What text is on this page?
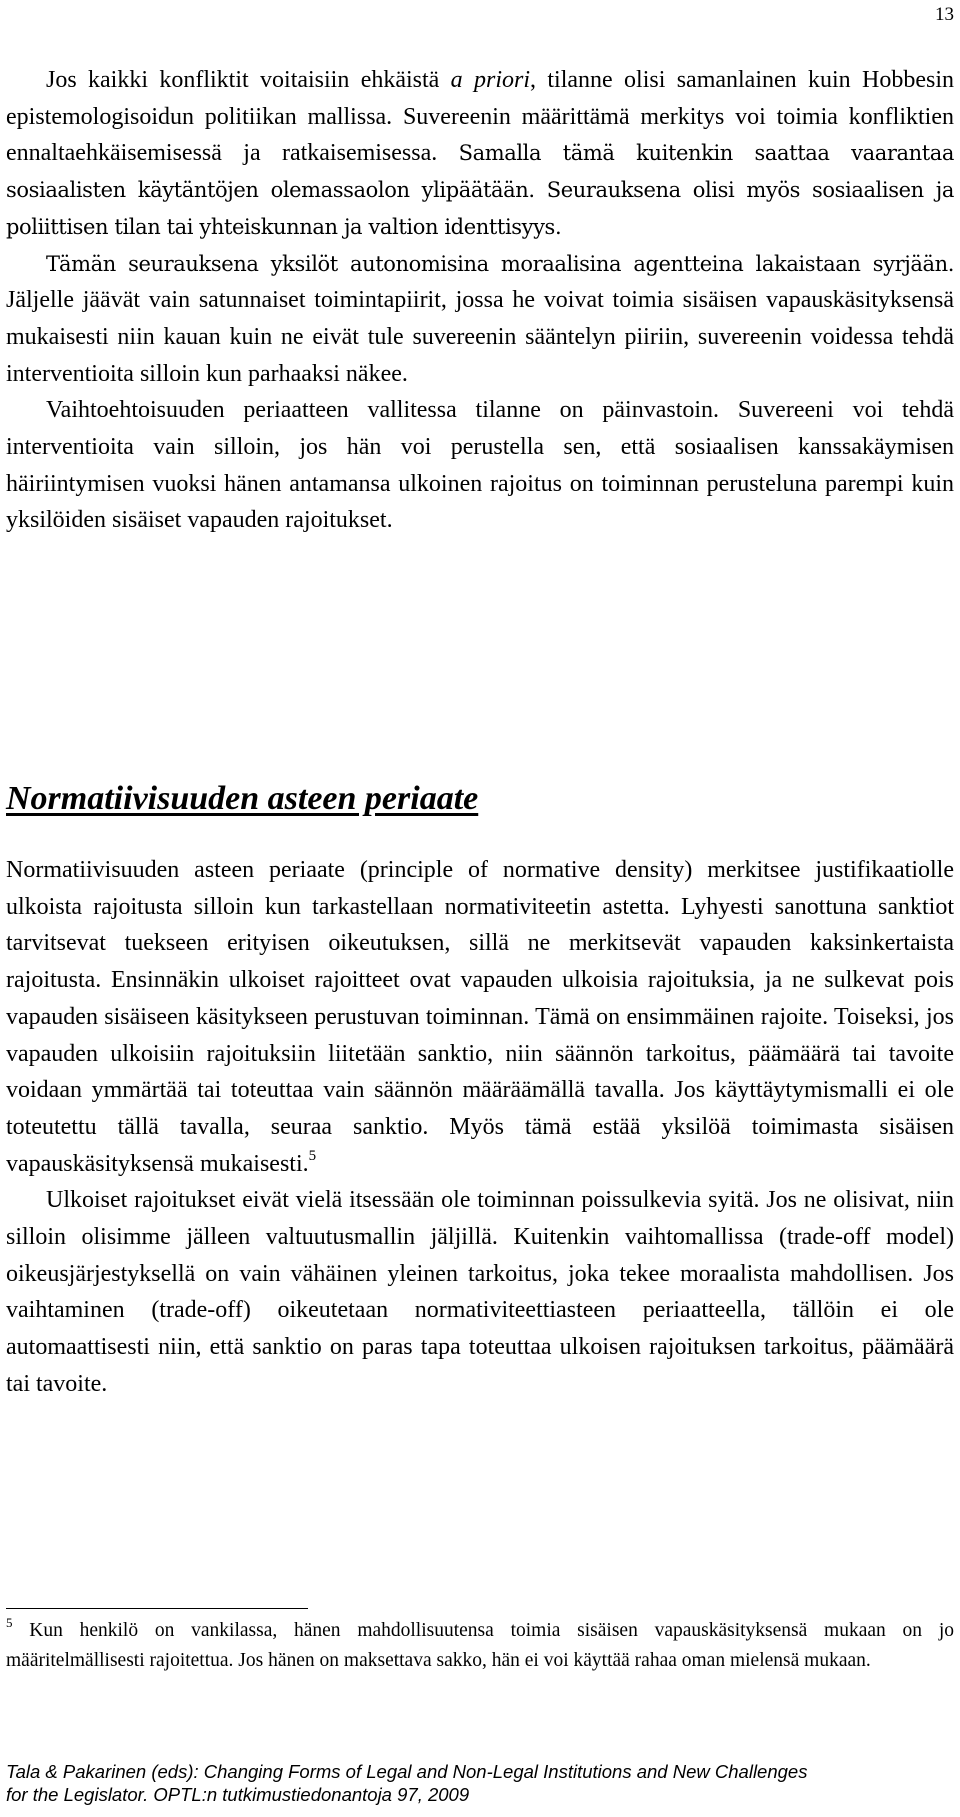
13

Jos kaikki konfliktit voitaisiin ehkäistä a priori, tilanne olisi samanlainen kuin Hobbesin epistemologisoidun politiikan mallissa. Suvereenin määrittämä merkitys voi toimia konfliktien ennaltaehkäisemisessä ja ratkaisemisessa. Samalla tämä kuitenkin saattaa vaarantaa sosiaalisten käytäntöjen olemassaolon ylipäätään. Seurauksena olisi myös sosiaalisen ja poliittisen tilan tai yhteiskunnan ja valtion identtisyys.

Tämän seurauksena yksilöt autonomisina moraalisina agentteina lakaistaan syrjään. Jäljelle jäävät vain satunnaiset toimintapiirit, jossa he voivat toimia sisäisen vapauskäsityksensä mukaisesti niin kauan kuin ne eivät tule suvereenin sääntelyn piiriin, suvereenin voidessa tehdä interventioita silloin kun parhaaksi näkee.

Vaihtoehtoisuuden periaatteen vallitessa tilanne on päinvastoin. Suvereeni voi tehdä interventioita vain silloin, jos hän voi perustella sen, että sosiaalisen kanssakäymisen häiriintymisen vuoksi hänen antamansa ulkoinen rajoitus on toiminnan perusteluna parempi kuin yksilöiden sisäiset vapauden rajoitukset.

Normatiivisuuden asteen periaate

Normatiivisuuden asteen periaate (principle of normative density) merkitsee justifikaatiolle ulkoista rajoitusta silloin kun tarkastellaan normativiteetin astetta. Lyhyesti sanottuna sanktiot tarvitsevat tuekseen erityisen oikeutuksen, sillä ne merkitsevät vapauden kaksinkertaista rajoitusta. Ensinnäkin ulkoiset rajoitteet ovat vapauden ulkoisia rajoituksia, ja ne sulkevat pois vapauden sisäiseen käsitykseen perustuvan toiminnan. Tämä on ensimmäinen rajoite. Toiseksi, jos vapauden ulkoisiin rajoituksiin liitetään sanktio, niin säännön tarkoitus, päämäärä tai tavoite voidaan ymmärtää tai toteuttaa vain säännön määräämällä tavalla. Jos käyttäytymismalli ei ole toteutettu tällä tavalla, seuraa sanktio. Myös tämä estää yksilöä toimimasta sisäisen vapauskäsityksensä mukaisesti.$^5$

Ulkoiset rajoitukset eivät vielä itsessään ole toiminnan poissulkevia syitä. Jos ne olisivat, niin silloin olisimme jälleen valtuutusmallin jäljillä. Kuitenkin vaihtomallissa (trade-off model) oikeusjärjestyksellä on vain vähäinen yleinen tarkoitus, joka tekee moraalista mahdollisen. Jos vaihtaminen (trade-off) oikeutetaan normativiteettiasteen periaatteella, tällöin ei ole automaattisesti niin, että sanktio on paras tapa toteuttaa ulkoisen rajoituksen tarkoitus, päämäärä tai tavoite.

$^5$ Kun henkilö on vankilassa, hänen mahdollisuutensa toimia sisäisen vapauskäsityksensä mukaan on jo määritelmällisesti rajoitettua. Jos hänen on maksettava sakko, hän ei voi käyttää rahaa oman mielensä mukaan.

Tala & Pakarinen (eds): Changing Forms of Legal and Non-Legal Institutions and New Challenges
for the Legislator. OPTL:n tutkimustiedonantoja 97, 2009
